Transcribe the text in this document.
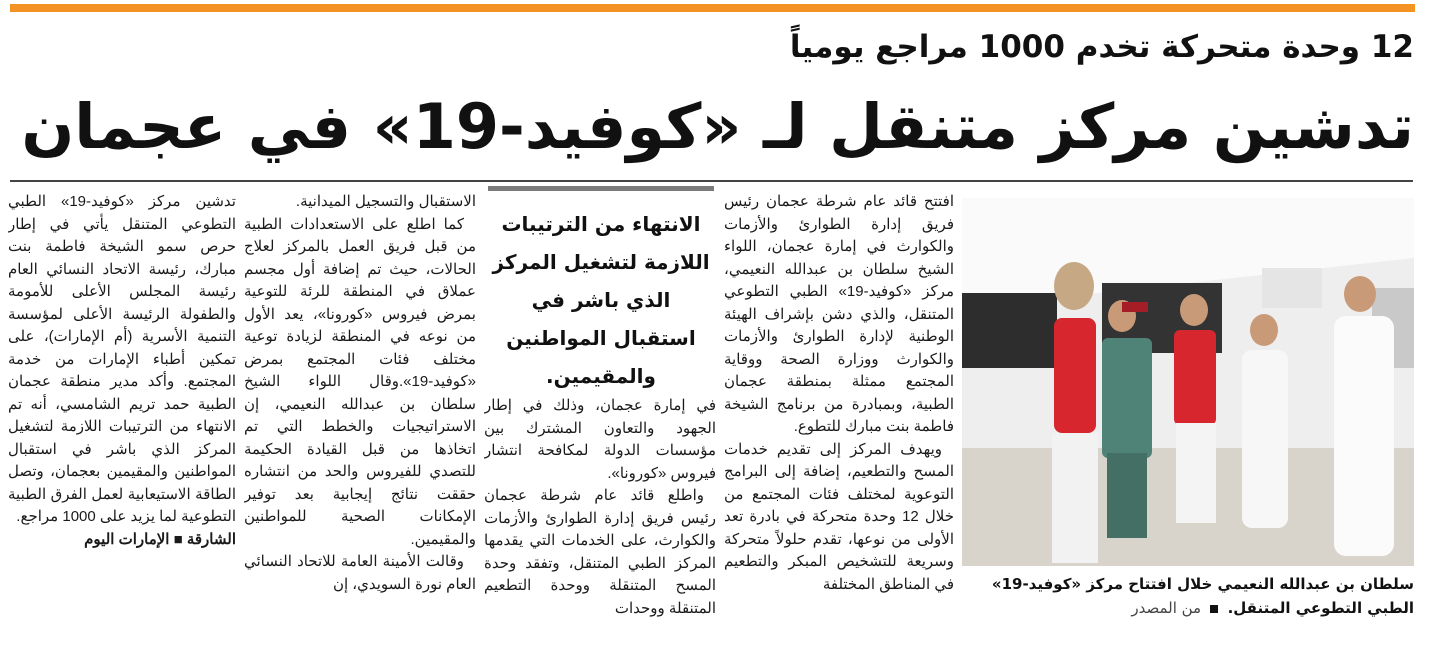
12 وحدة متحركة تخدم 1000 مراجع يومياً
تدشين مركز متنقل لـ «كوفيد-19» في عجمان
سلطان بن عبدالله النعيمي خلال افتتاح مركز «كوفيد-19» الطبي التطوعي المتنقل.  من المصدر

افتتح قائد عام شرطة عجمان رئيس فريق إدارة الطوارئ والأزمات والكوارث في إمارة عجمان، اللواء الشيخ سلطان بن عبدالله النعيمي، مركز «كوفيد-19» الطبي التطوعي المتنقل، والذي دشن بإشراف الهيئة الوطنية لإدارة الطوارئ والأزمات والكوارث ووزارة الصحة ووقاية المجتمع ممثلة بمنطقة عجمان الطبية، وبمبادرة من برنامج الشيخة فاطمة بنت مبارك للتطوع.

ويهدف المركز إلى تقديم خدمات المسح والتطعيم، إضافة إلى البرامج التوعوية لمختلف فئات المجتمع من خلال 12 وحدة متحركة في بادرة تعد الأولى من نوعها، تقدم حلولاً متحركة وسريعة للتشخيص المبكر والتطعيم في المناطق المختلفة

الانتهاء من الترتيبات اللازمة لتشغيل المركز الذي باشر في استقبال المواطنين والمقيمين.

في إمارة عجمان، وذلك في إطار الجهود والتعاون المشترك بين مؤسسات الدولة لمكافحة انتشار فيروس «كورونا».

واطلع قائد عام شرطة عجمان رئيس فريق إدارة الطوارئ والأزمات والكوارث، على الخدمات التي يقدمها المركز الطبي المتنقل، وتفقد وحدة المسح المتنقلة ووحدة التطعيم المتنقلة ووحدات

الاستقبال والتسجيل الميدانية.

كما اطلع على الاستعدادات الطبية من قبل فريق العمل بالمركز لعلاج الحالات، حيث تم إضافة أول مجسم عملاق في المنطقة للرئة للتوعية بمرض فيروس «كورونا»، يعد الأول من نوعه في المنطقة لزيادة توعية مختلف فئات المجتمع بمرض «كوفيد-19».وقال اللواء الشيخ سلطان بن عبدالله النعيمي، إن الاستراتيجيات والخطط التي تم اتخاذها من قبل القيادة الحكيمة للتصدي للفيروس والحد من انتشاره حققت نتائج إيجابية بعد توفير الإمكانات الصحية للمواطنين والمقيمين.

وقالت الأمينة العامة للاتحاد النسائي العام نورة السويدي، إن

تدشين مركز «كوفيد-19» الطبي التطوعي المتنقل يأتي في إطار حرص سمو الشيخة فاطمة بنت مبارك، رئيسة الاتحاد النسائي العام رئيسة المجلس الأعلى للأمومة والطفولة الرئيسة الأعلى لمؤسسة التنمية الأسرية (أم الإمارات)، على تمكين أطباء الإمارات من خدمة المجتمع. وأكد مدير منطقة عجمان الطبية حمد تريم الشامسي، أنه تم الانتهاء من الترتيبات اللازمة لتشغيل المركز الذي باشر في استقبال المواطنين والمقيمين بعجمان، وتصل الطاقة الاستيعابية لعمل الفرق الطبية التطوعية لما يزيد على 1000 مراجع.

الشارقة ■ الإمارات اليوم
